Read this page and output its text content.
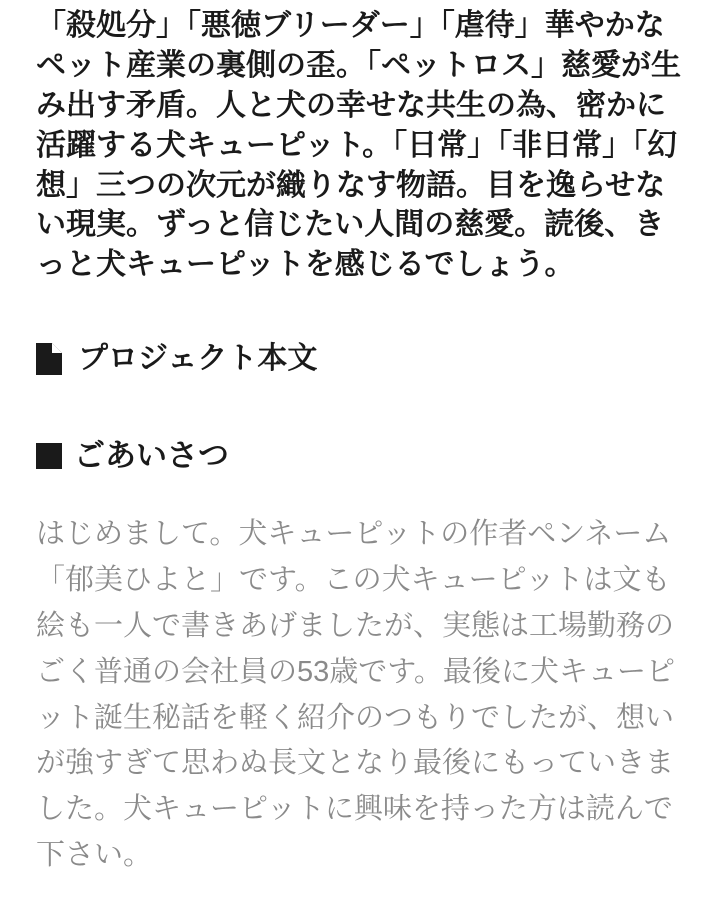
「殺処分」「悪徳ブリーダー」「虐待」華やかなペット産業の裏側の歪。「ペットロス」慈愛が生み出す矛盾。人と犬の幸せな共生の為、密かに活躍する犬キューピット。「日常」「非日常」「幻想」三つの次元が織りなす物語。目を逸らせない現実。ずっと信じたい人間の慈愛。読後、きっと犬キューピットを感じるでしょう。

プロジェクト本文
ごあいさつ

はじめまして。犬キューピットの作者ペンネーム「郁美ひよと」です。この犬キューピットは文も絵も一人で書きあげましたが、実態は工場勤務のごく普通の会社員の53歳です。最後に犬キューピット誕生秘話を軽く紹介のつもりでしたが、想いが強すぎて思わぬ長文となり最後にもっていきました。犬キューピットに興味を持った方は読んで下さい。
